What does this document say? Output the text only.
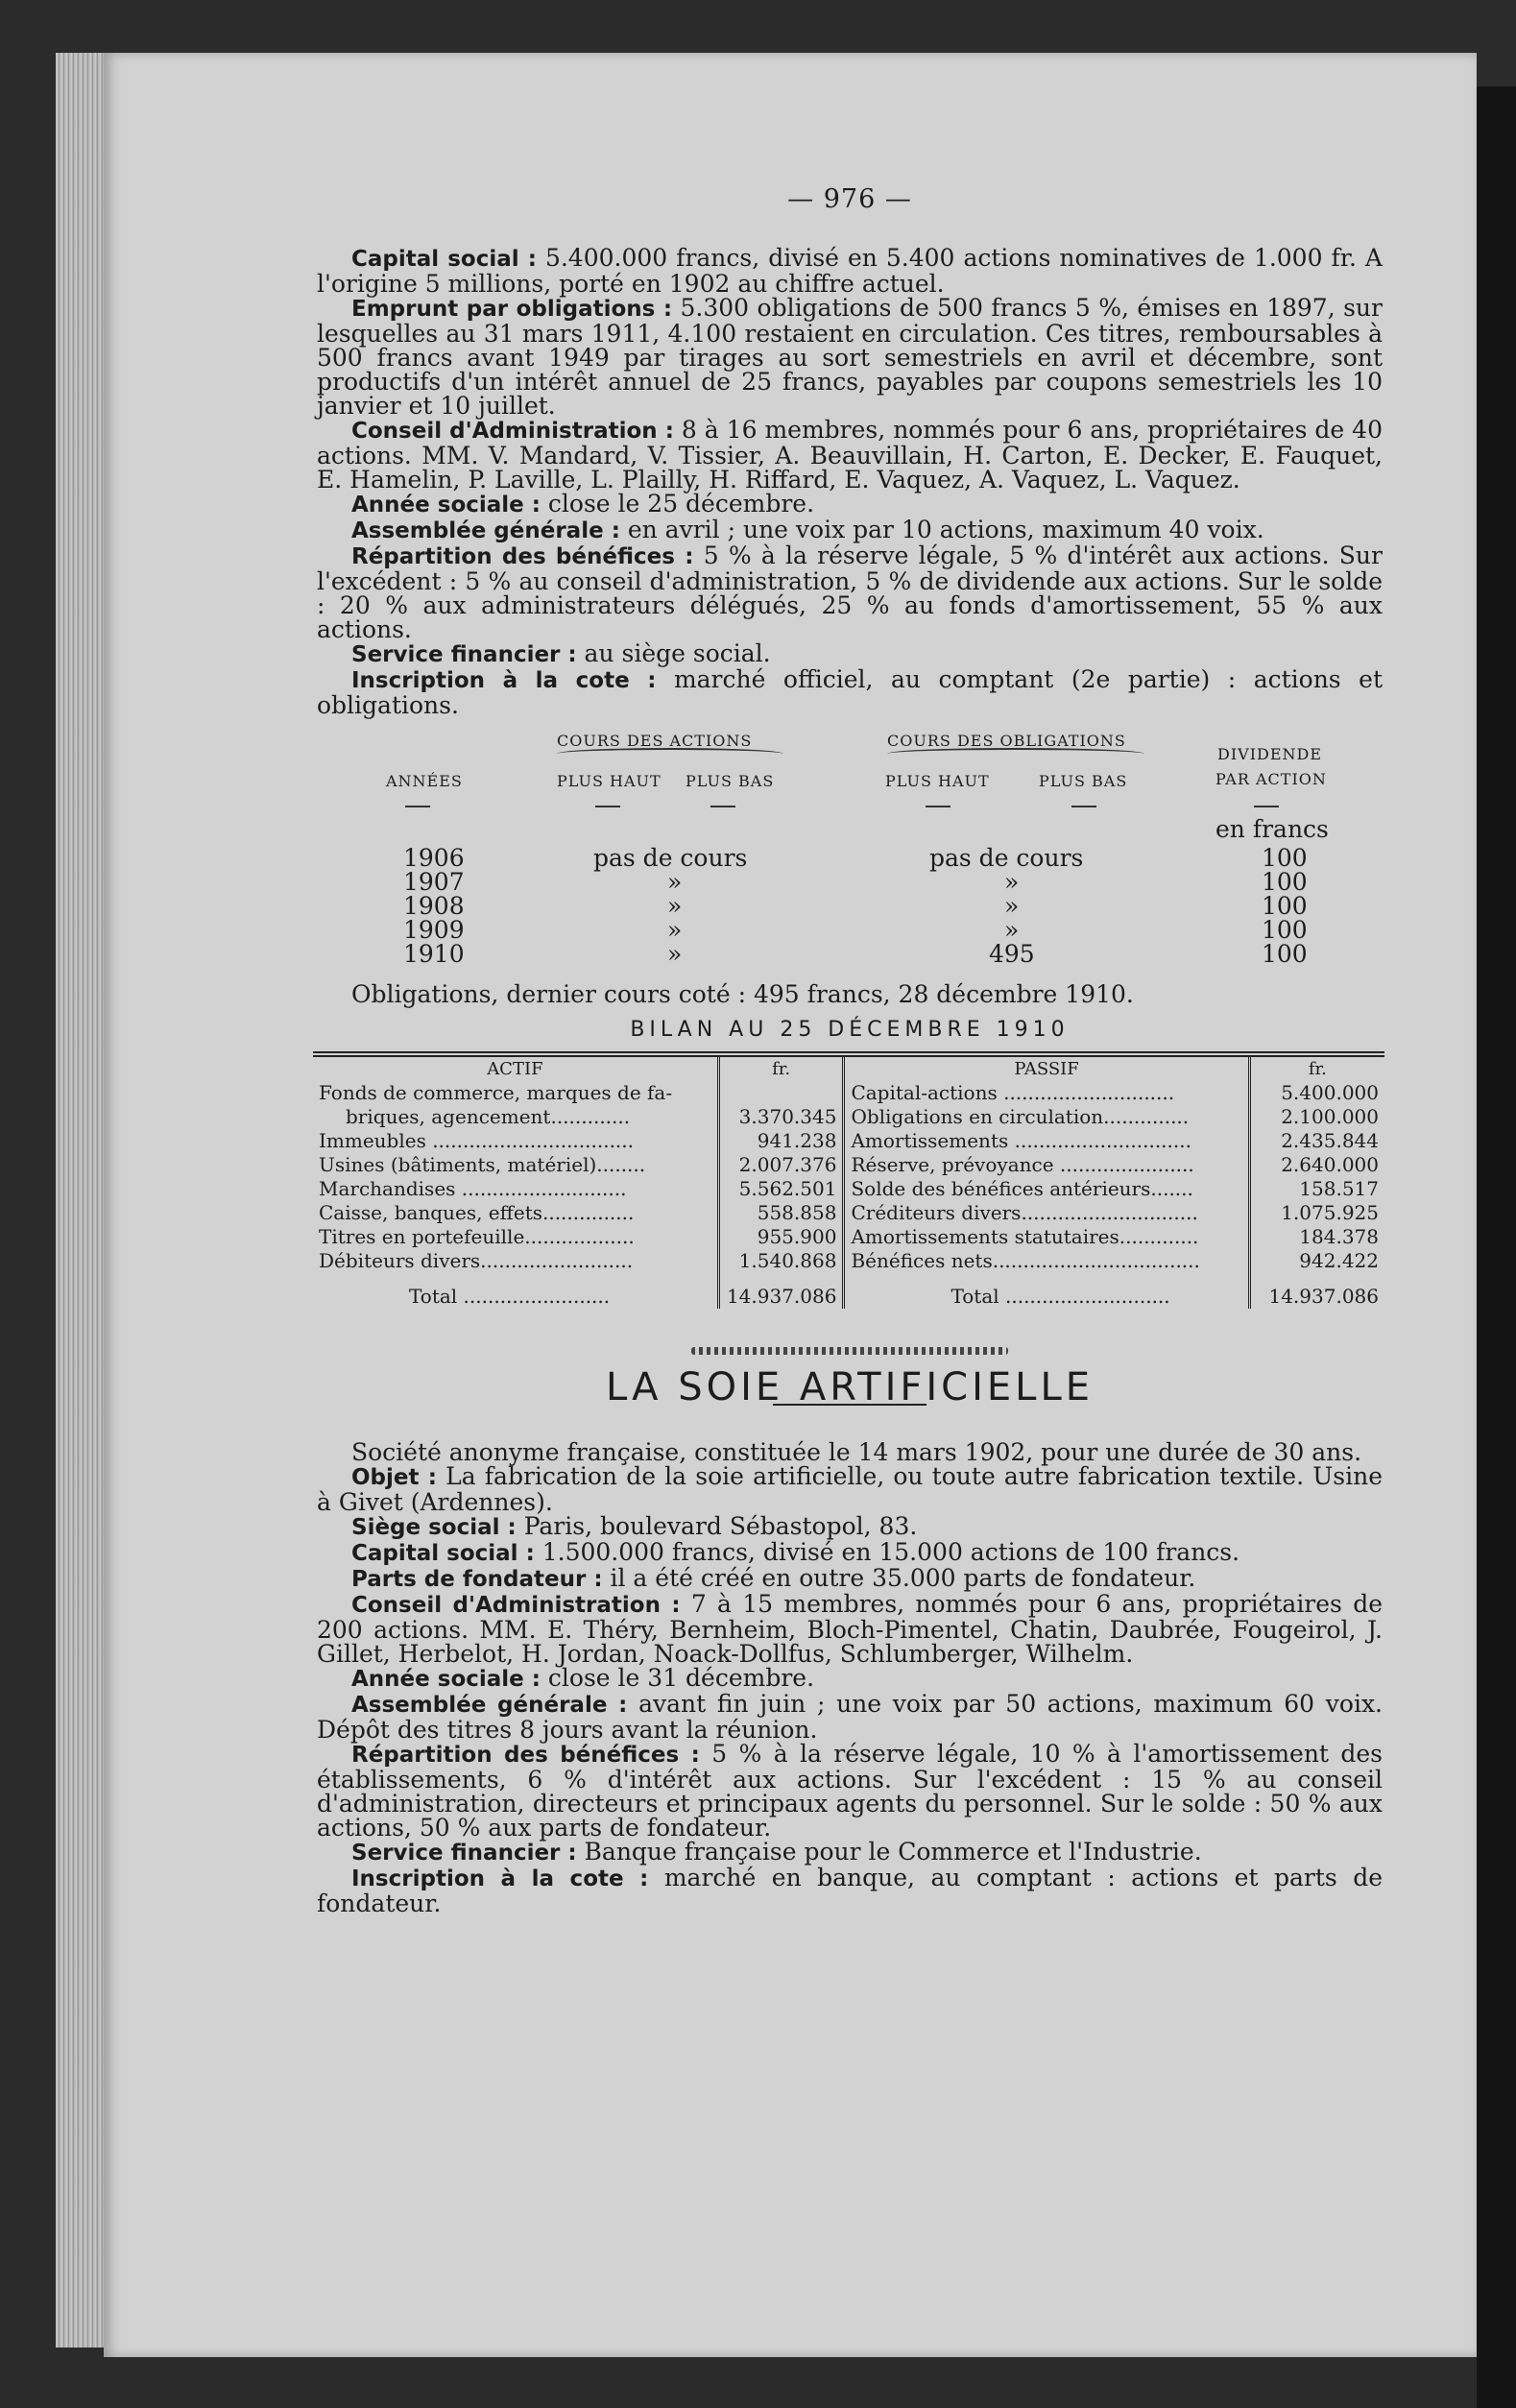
— 976 —

Capital social : 5.400.000 francs, divisé en 5.400 actions nominatives de 1.000 fr. A l'origine 5 millions, porté en 1902 au chiffre actuel.

Emprunt par obligations : 5.300 obligations de 500 francs 5 %, émises en 1897, sur lesquelles au 31 mars 1911, 4.100 restaient en circulation. Ces titres, remboursables à 500 francs avant 1949 par tirages au sort semestriels en avril et décembre, sont productifs d'un intérêt annuel de 25 francs, payables par coupons semestriels les 10 janvier et 10 juillet.

Conseil d'Administration : 8 à 16 membres, nommés pour 6 ans, propriétaires de 40 actions. MM. V. Mandard, V. Tissier, A. Beauvillain, H. Carton, E. Decker, E. Fauquet, E. Hamelin, P. Laville, L. Plailly, H. Riffard, E. Vaquez, A. Vaquez, L. Vaquez.

Année sociale : close le 25 décembre.

Assemblée générale : en avril ; une voix par 10 actions, maximum 40 voix.

Répartition des bénéfices : 5 % à la réserve légale, 5 % d'intérêt aux actions. Sur l'excédent : 5 % au conseil d'administration, 5 % de dividende aux actions. Sur le solde : 20 % aux administrateurs délégués, 25 % au fonds d'amortissement, 55 % aux actions.

Service financier : au siège social.

Inscription à la cote : marché officiel, au comptant (2e partie) : actions et obligations.

ANNÉES
COURS DES ACTIONS
PLUS HAUT PLUS BAS
COURS DES OBLIGATIONS
PLUS HAUT	PLUS BAS
DIVIDENDE
PAR ACTION
en francs
1906	pas de cours	pas de cours	100
1907	»	»	100
1908	»	»	100
1909	»	»	100
1910	»	495	100

Obligations, dernier cours coté : 495 francs, 28 décembre 1910.

BILAN AU 25 DÉCEMBRE 1910
ACTIF	fr.	PASSIF	fr.
Fonds de commerce, marques de fa-		Capital-actions ............................	5.400.000
briques, agencement.............	3.370.345	Obligations en circulation..............	2.100.000
Immeubles .................................	941.238	Amortissements .............................	2.435.844
Usines (bâtiments, matériel)........	2.007.376	Réserve, prévoyance ......................	2.640.000
Marchandises ...........................	5.562.501	Solde des bénéfices antérieurs.......	158.517
Caisse, banques, effets...............	558.858	Créditeurs divers.............................	1.075.925
Titres en portefeuille..................	955.900	Amortissements statutaires.............	184.378
Débiteurs divers.........................	1.540.868	Bénéfices nets..................................	942.422
Total ........................	14.937.086	Total ...........................	14.937.086
LA SOIE ARTIFICIELLE

Société anonyme française, constituée le 14 mars 1902, pour une durée de 30 ans.

Objet : La fabrication de la soie artificielle, ou toute autre fabrication textile. Usine à Givet (Ardennes).

Siège social : Paris, boulevard Sébastopol, 83.

Capital social : 1.500.000 francs, divisé en 15.000 actions de 100 francs.

Parts de fondateur : il a été créé en outre 35.000 parts de fondateur.

Conseil d'Administration : 7 à 15 membres, nommés pour 6 ans, propriétaires de 200 actions. MM. E. Théry, Bernheim, Bloch-Pimentel, Chatin, Daubrée, Fougeirol, J. Gillet, Herbelot, H. Jordan, Noack-Dollfus, Schlumberger, Wilhelm.

Année sociale : close le 31 décembre.

Assemblée générale : avant fin juin ; une voix par 50 actions, maximum 60 voix. Dépôt des titres 8 jours avant la réunion.

Répartition des bénéfices : 5 % à la réserve légale, 10 % à l'amortissement des établissements, 6 % d'intérêt aux actions. Sur l'excédent : 15 % au conseil d'administration, directeurs et principaux agents du personnel. Sur le solde : 50 % aux actions, 50 % aux parts de fondateur.

Service financier : Banque française pour le Commerce et l'Industrie.

Inscription à la cote : marché en banque, au comptant : actions et parts de fondateur.
